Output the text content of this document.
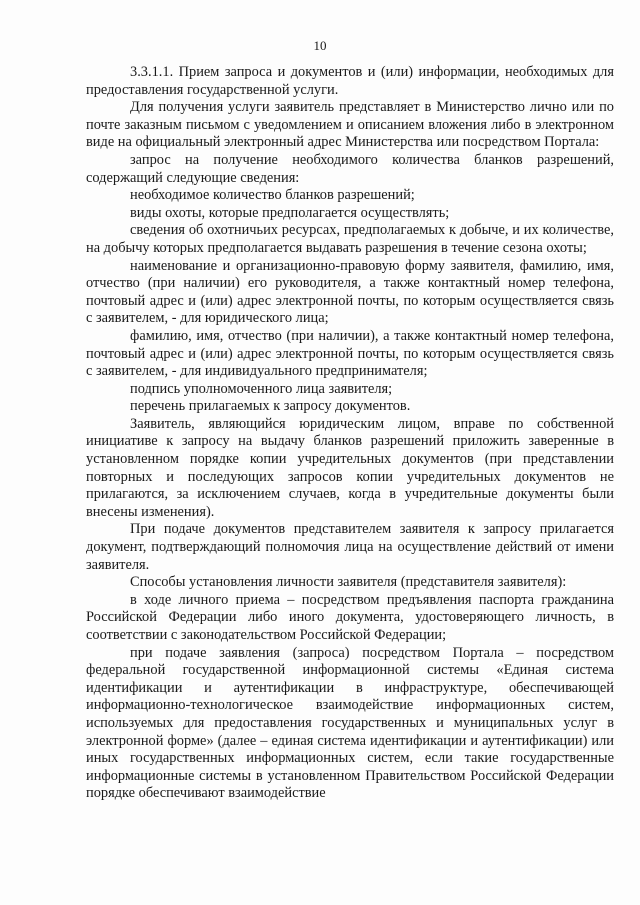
10

3.3.1.1. Прием запроса и документов и (или) информации, необходимых для предоставления государственной услуги.

Для получения услуги заявитель представляет в Министерство лично или по почте заказным письмом с уведомлением и описанием вложения либо в электронном виде на официальный электронный адрес Министерства или посредством Портала:

запрос на получение необходимого количества бланков разрешений, содержащий следующие сведения:

необходимое количество бланков разрешений;

виды охоты, которые предполагается осуществлять;

сведения об охотничьих ресурсах, предполагаемых к добыче, и их количестве, на добычу которых предполагается выдавать разрешения в течение сезона охоты;

наименование и организационно-правовую форму заявителя, фамилию, имя, отчество (при наличии) его руководителя, а также контактный номер телефона, почтовый адрес и (или) адрес электронной почты, по которым осуществляется связь с заявителем, - для юридического лица;

фамилию, имя, отчество (при наличии), а также контактный номер телефона, почтовый адрес и (или) адрес электронной почты, по которым осуществляется связь с заявителем, - для индивидуального предпринимателя;

подпись уполномоченного лица заявителя;

перечень прилагаемых к запросу документов.

Заявитель, являющийся юридическим лицом, вправе по собственной инициативе к запросу на выдачу бланков разрешений приложить заверенные в установленном порядке копии учредительных документов (при представлении повторных и последующих запросов копии учредительных документов не прилагаются, за исключением случаев, когда в учредительные документы были внесены изменения).

При подаче документов представителем заявителя к запросу прилагается документ, подтверждающий полномочия лица на осуществление действий от имени заявителя.

Способы установления личности заявителя (представителя заявителя):

в ходе личного приема – посредством предъявления паспорта гражданина Российской Федерации либо иного документа, удостоверяющего личность, в соответствии с законодательством Российской Федерации;

при подаче заявления (запроса) посредством Портала – посредством федеральной государственной информационной системы «Единая система идентификации и аутентификации в инфраструктуре, обеспечивающей информационно-технологическое взаимодействие информационных систем, используемых для предоставления государственных и муниципальных услуг в электронной форме» (далее – единая система идентификации и аутентификации) или иных государственных информационных систем, если такие государственные информационные системы в установленном Правительством Российской Федерации порядке обеспечивают взаимодействие
